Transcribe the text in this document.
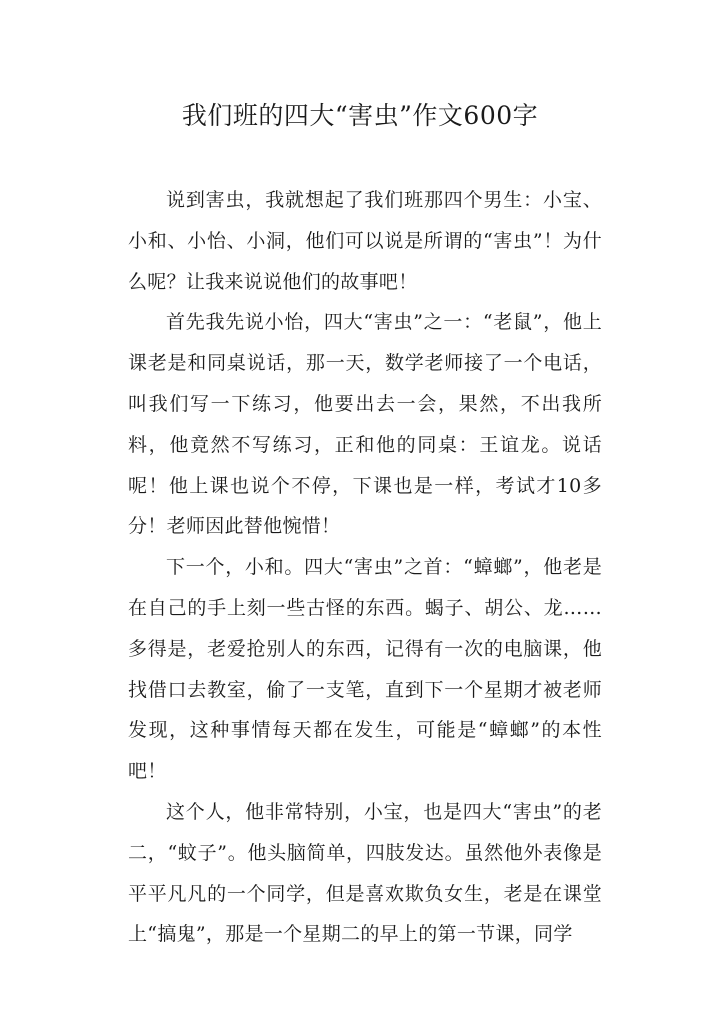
我们班的四大“害虫”作文600字

说到害虫，我就想起了我们班那四个男生：小宝、小和、小怡、小洞，他们可以说是所谓的“害虫”！为什么呢？让我来说说他们的故事吧！

首先我先说小怡，四大“害虫”之一：“老鼠”，他上课老是和同桌说话，那一天，数学老师接了一个电话，叫我们写一下练习，他要出去一会，果然，不出我所料，他竟然不写练习，正和他的同桌：王谊龙。说话呢！他上课也说个不停，下课也是一样，考试才10多分！老师因此替他惋惜！

下一个，小和。四大“害虫”之首：“蟑螂”，他老是在自己的手上刻一些古怪的东西。蝎子、胡公、龙……多得是，老爱抢别人的东西，记得有一次的电脑课，他找借口去教室，偷了一支笔，直到下一个星期才被老师发现，这种事情每天都在发生，可能是“蟑螂”的本性吧！

这个人，他非常特别，小宝，也是四大“害虫”的老二，“蚊子”。他头脑简单，四肢发达。虽然他外表像是平平凡凡的一个同学，但是喜欢欺负女生，老是在课堂上“搞鬼”，那是一个星期二的早上的第一节课，同学
